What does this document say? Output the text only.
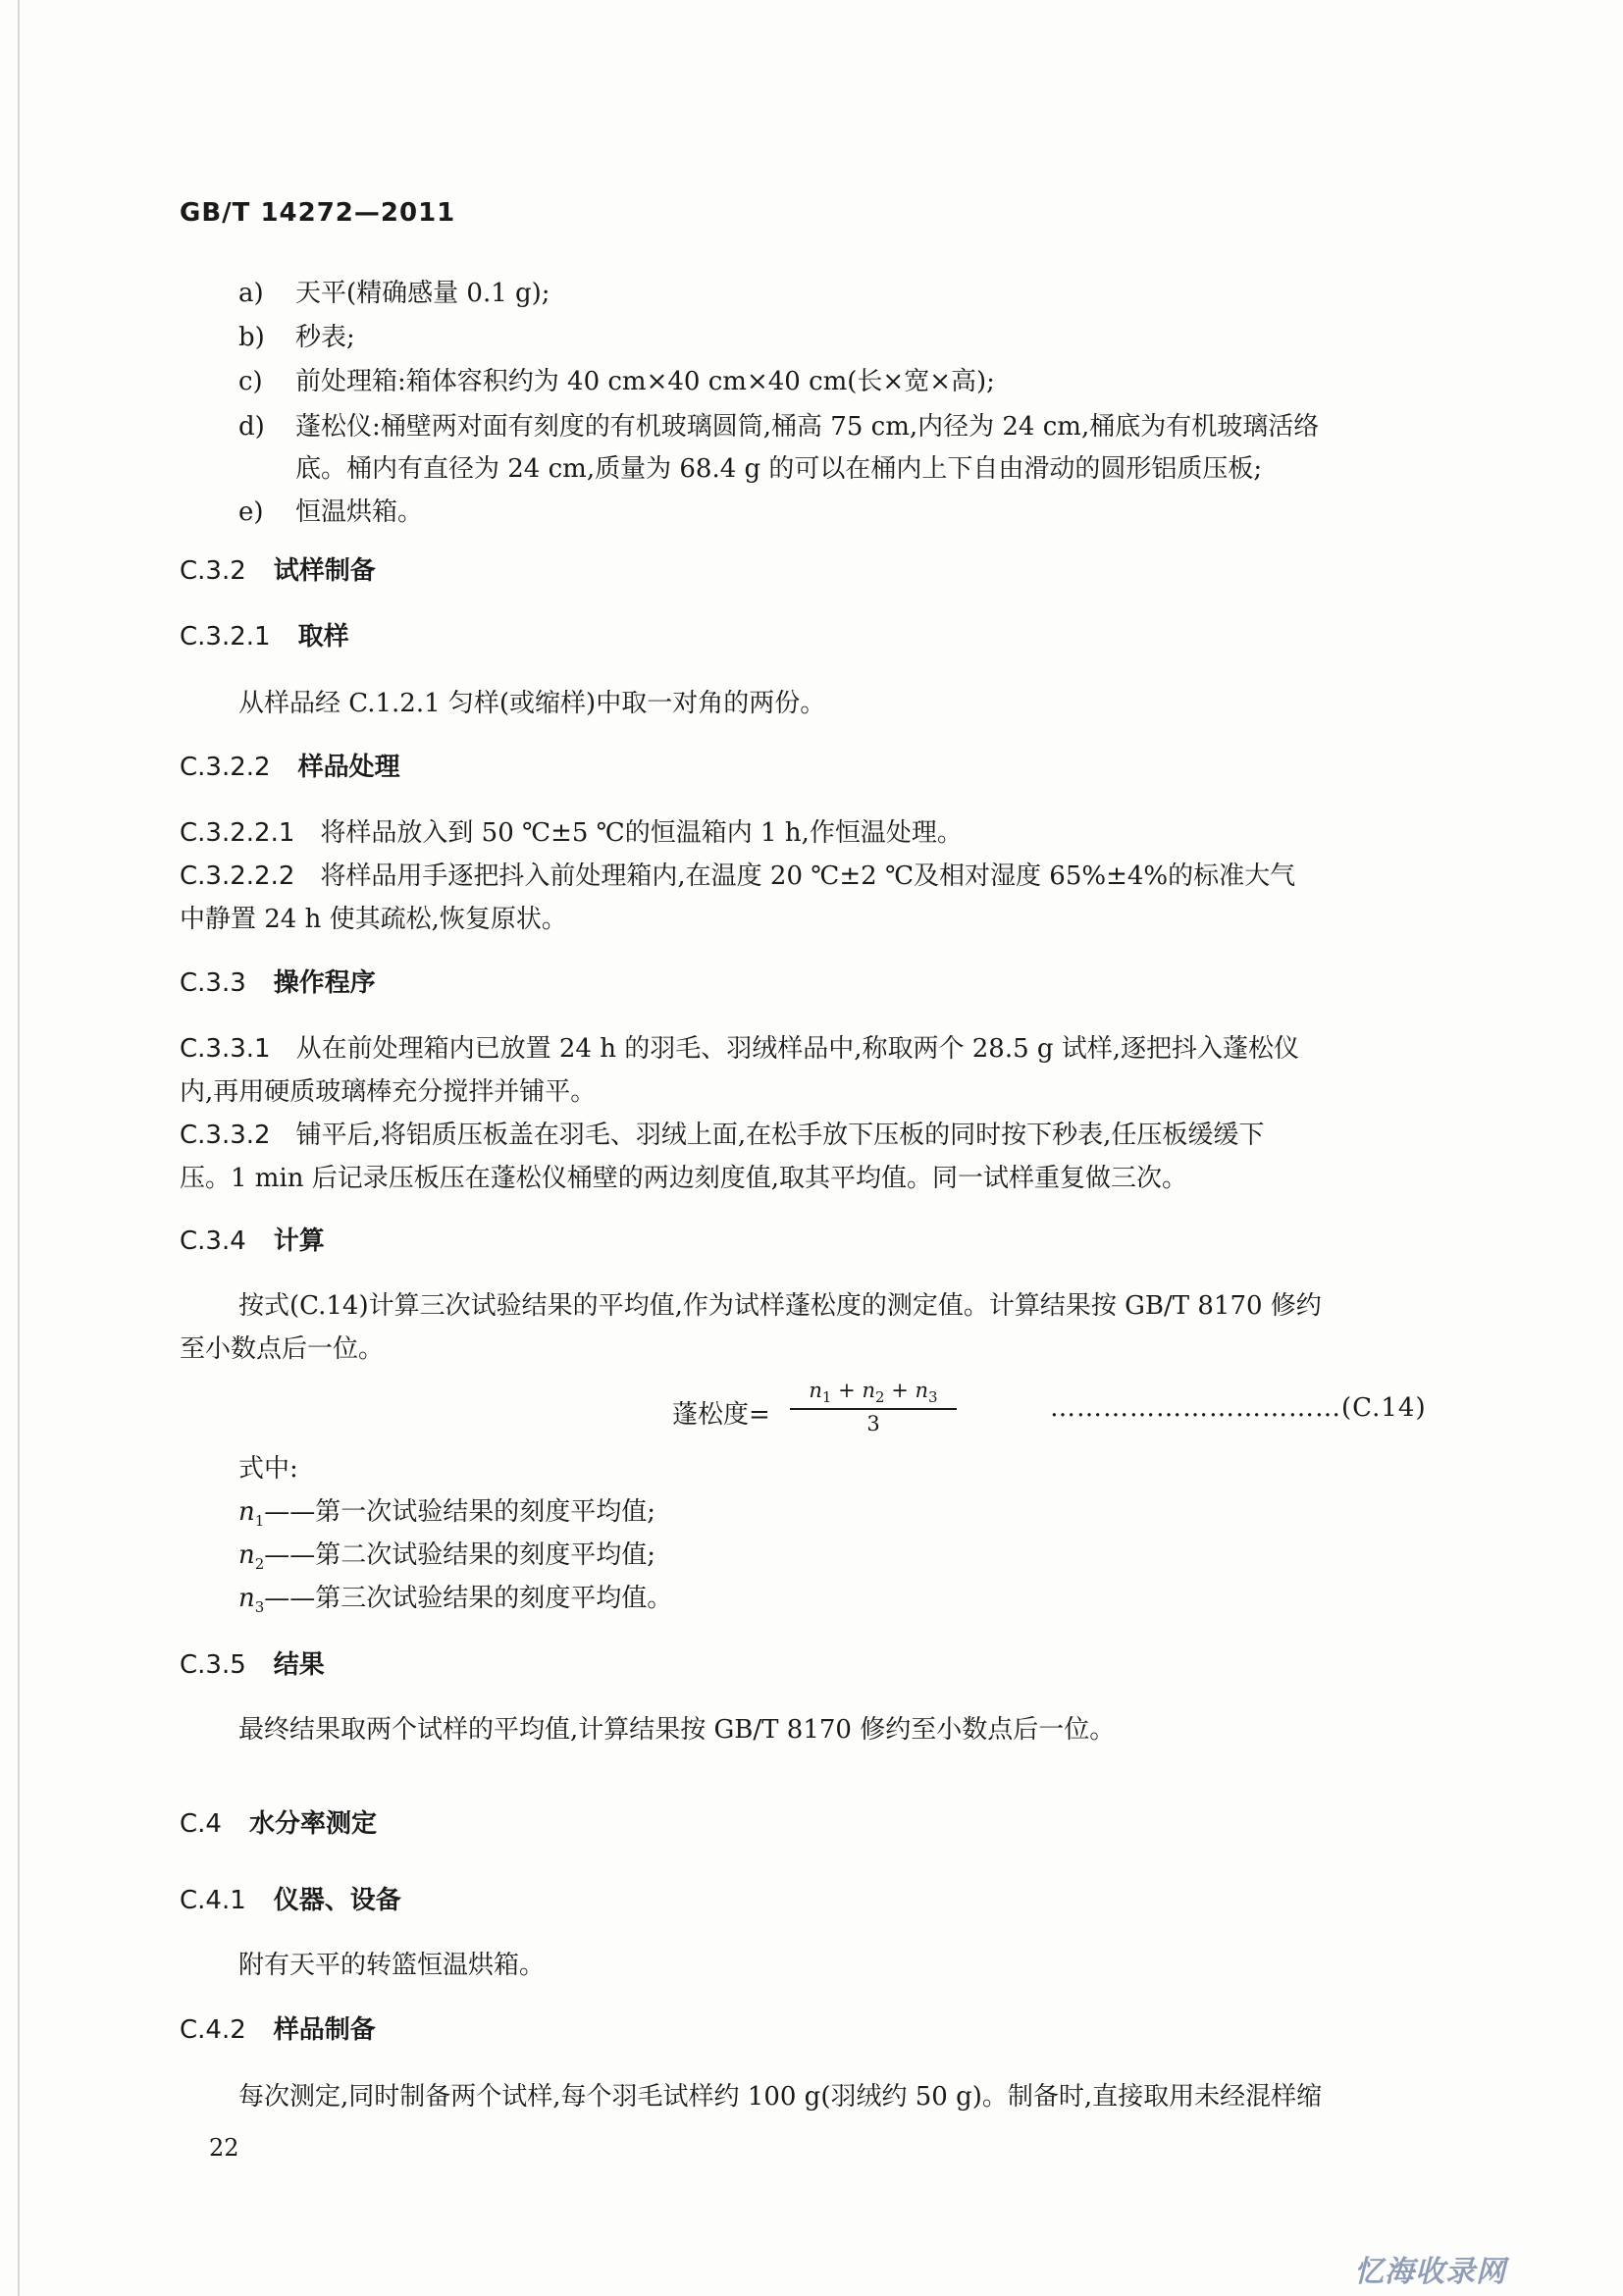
GB/T 14272—2011
a) 天平(精确感量 0.1 g);
b) 秒表;
c) 前处理箱:箱体容积约为 40 cm×40 cm×40 cm(长×宽×高);
d) 蓬松仪:桶壁两对面有刻度的有机玻璃圆筒,桶高 75 cm,内径为 24 cm,桶底为有机玻璃活络
底。桶内有直径为 24 cm,质量为 68.4 g 的可以在桶内上下自由滑动的圆形铝质压板;
e) 恒温烘箱。
C.3.2 试样制备
C.3.2.1 取样
从样品经 C.1.2.1 匀样(或缩样)中取一对角的两份。
C.3.2.2 样品处理
C.3.2.2.1 将样品放入到 50 ℃±5 ℃的恒温箱内 1 h,作恒温处理。
C.3.2.2.2 将样品用手逐把抖入前处理箱内,在温度 20 ℃±2 ℃及相对湿度 65%±4%的标准大气
中静置 24 h 使其疏松,恢复原状。
C.3.3 操作程序
C.3.3.1 从在前处理箱内已放置 24 h 的羽毛、羽绒样品中,称取两个 28.5 g 试样,逐把抖入蓬松仪
内,再用硬质玻璃棒充分搅拌并铺平。
C.3.3.2 铺平后,将铝质压板盖在羽毛、羽绒上面,在松手放下压板的同时按下秒表,任压板缓缓下
压。1 min 后记录压板压在蓬松仪桶壁的两边刻度值,取其平均值。同一试样重复做三次。
C.3.4 计算
按式(C.14)计算三次试验结果的平均值,作为试样蓬松度的测定值。计算结果按 GB/T 8170 修约
至小数点后一位。
蓬松度=
$n_1 + n_2 + n_3$
3
……………………………(C.14)
式中:
$n_1——$第一次试验结果的刻度平均值;
$n_2——$第二次试验结果的刻度平均值;
$n_3——$第三次试验结果的刻度平均值。
C.3.5 结果
最终结果取两个试样的平均值,计算结果按 GB/T 8170 修约至小数点后一位。
C.4 水分率测定
C.4.1 仪器、设备
附有天平的转篮恒温烘箱。
C.4.2 样品制备
每次测定,同时制备两个试样,每个羽毛试样约 100 g(羽绒约 50 g)。制备时,直接取用未经混样缩
22
忆海收录网
